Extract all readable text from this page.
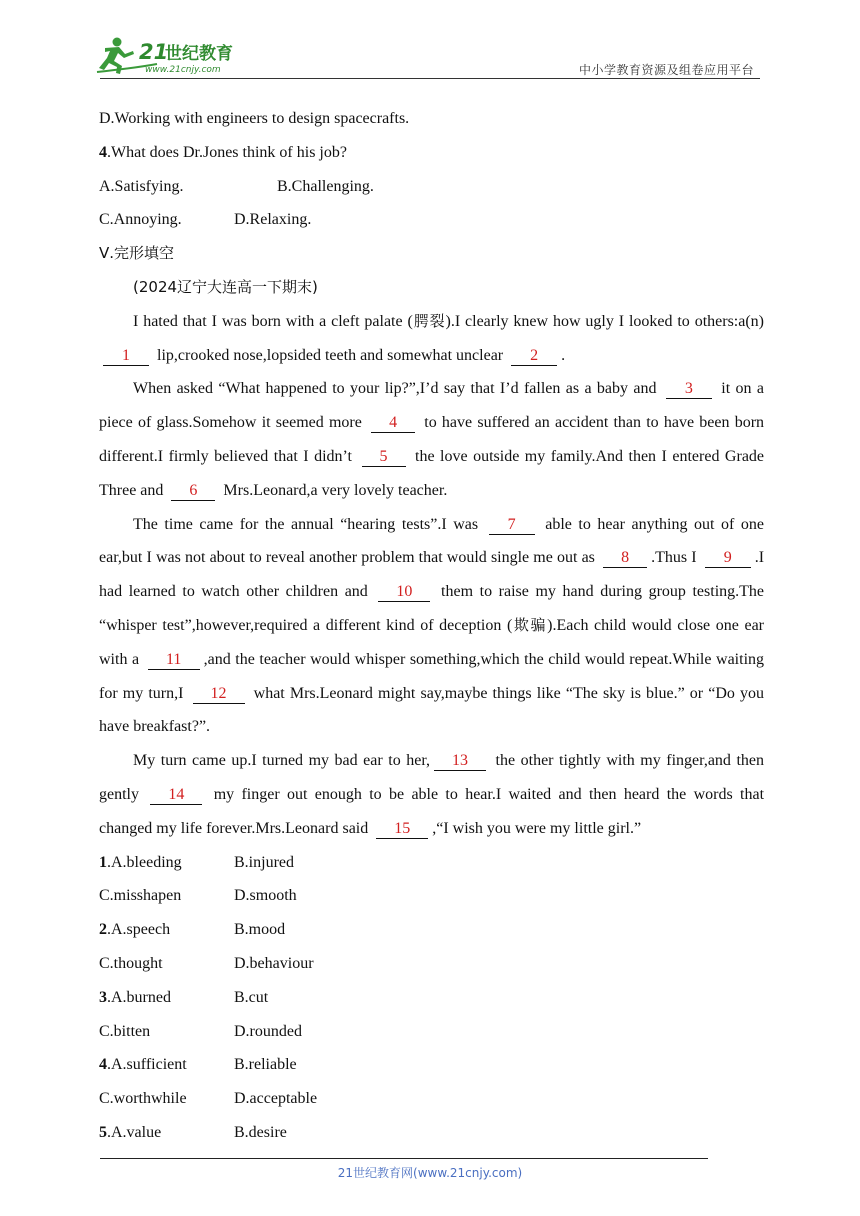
21
世纪教育
www.21cnjy.com	中小学教育资源及组卷应用平台
D.Working with engineers to design spacecrafts.
4.What does Dr.Jones think of his job?
A.Satisfying.	B.Challenging.
C.Annoying.	D.Relaxing.
Ⅴ.完形填空
(2024辽宁大连高一下期末)
I hated that I was born with a cleft palate (腭裂).I clearly knew how ugly I looked to others:a(n) 1 lip,crooked nose,lopsided teeth and somewhat unclear 2 .
When asked “What happened to your lip?”,I’d say that I’d fallen as a baby and 3 it on a piece of glass.Somehow it seemed more 4 to have suffered an accident than to have been born different.I firmly believed that I didn’t 5 the love outside my family.And then I entered Grade Three and 6 Mrs.Leonard,a very lovely teacher.
The time came for the annual “hearing tests”.I was 7 able to hear anything out of one ear,but I was not about to reveal another problem that would single me out as 8 .Thus I 9 .I had learned to watch other children and 10 them to raise my hand during group testing.The “whisper test”,however,required a different kind of deception (欺骗).Each child would close one ear with a 11 ,and the teacher would whisper something,which the child would repeat.While waiting for my turn,I 12 what Mrs.Leonard might say,maybe things like “The sky is blue.” or “Do you have breakfast?”.
My turn came up.I turned my bad ear to her, 13 the other tightly with my finger,and then gently 14 my finger out enough to be able to hear.I waited and then heard the words that changed my life forever.Mrs.Leonard said 15 ,“I wish you were my little girl.”
1.A.bleeding	B.injured
C.misshapen	D.smooth
2.A.speech	B.mood
C.thought	D.behaviour
3.A.burned	B.cut
C.bitten	D.rounded
4.A.sufficient	B.reliable
C.worthwhile	D.acceptable
5.A.value	B.desire
21世纪教育网(www.21cnjy.com)
